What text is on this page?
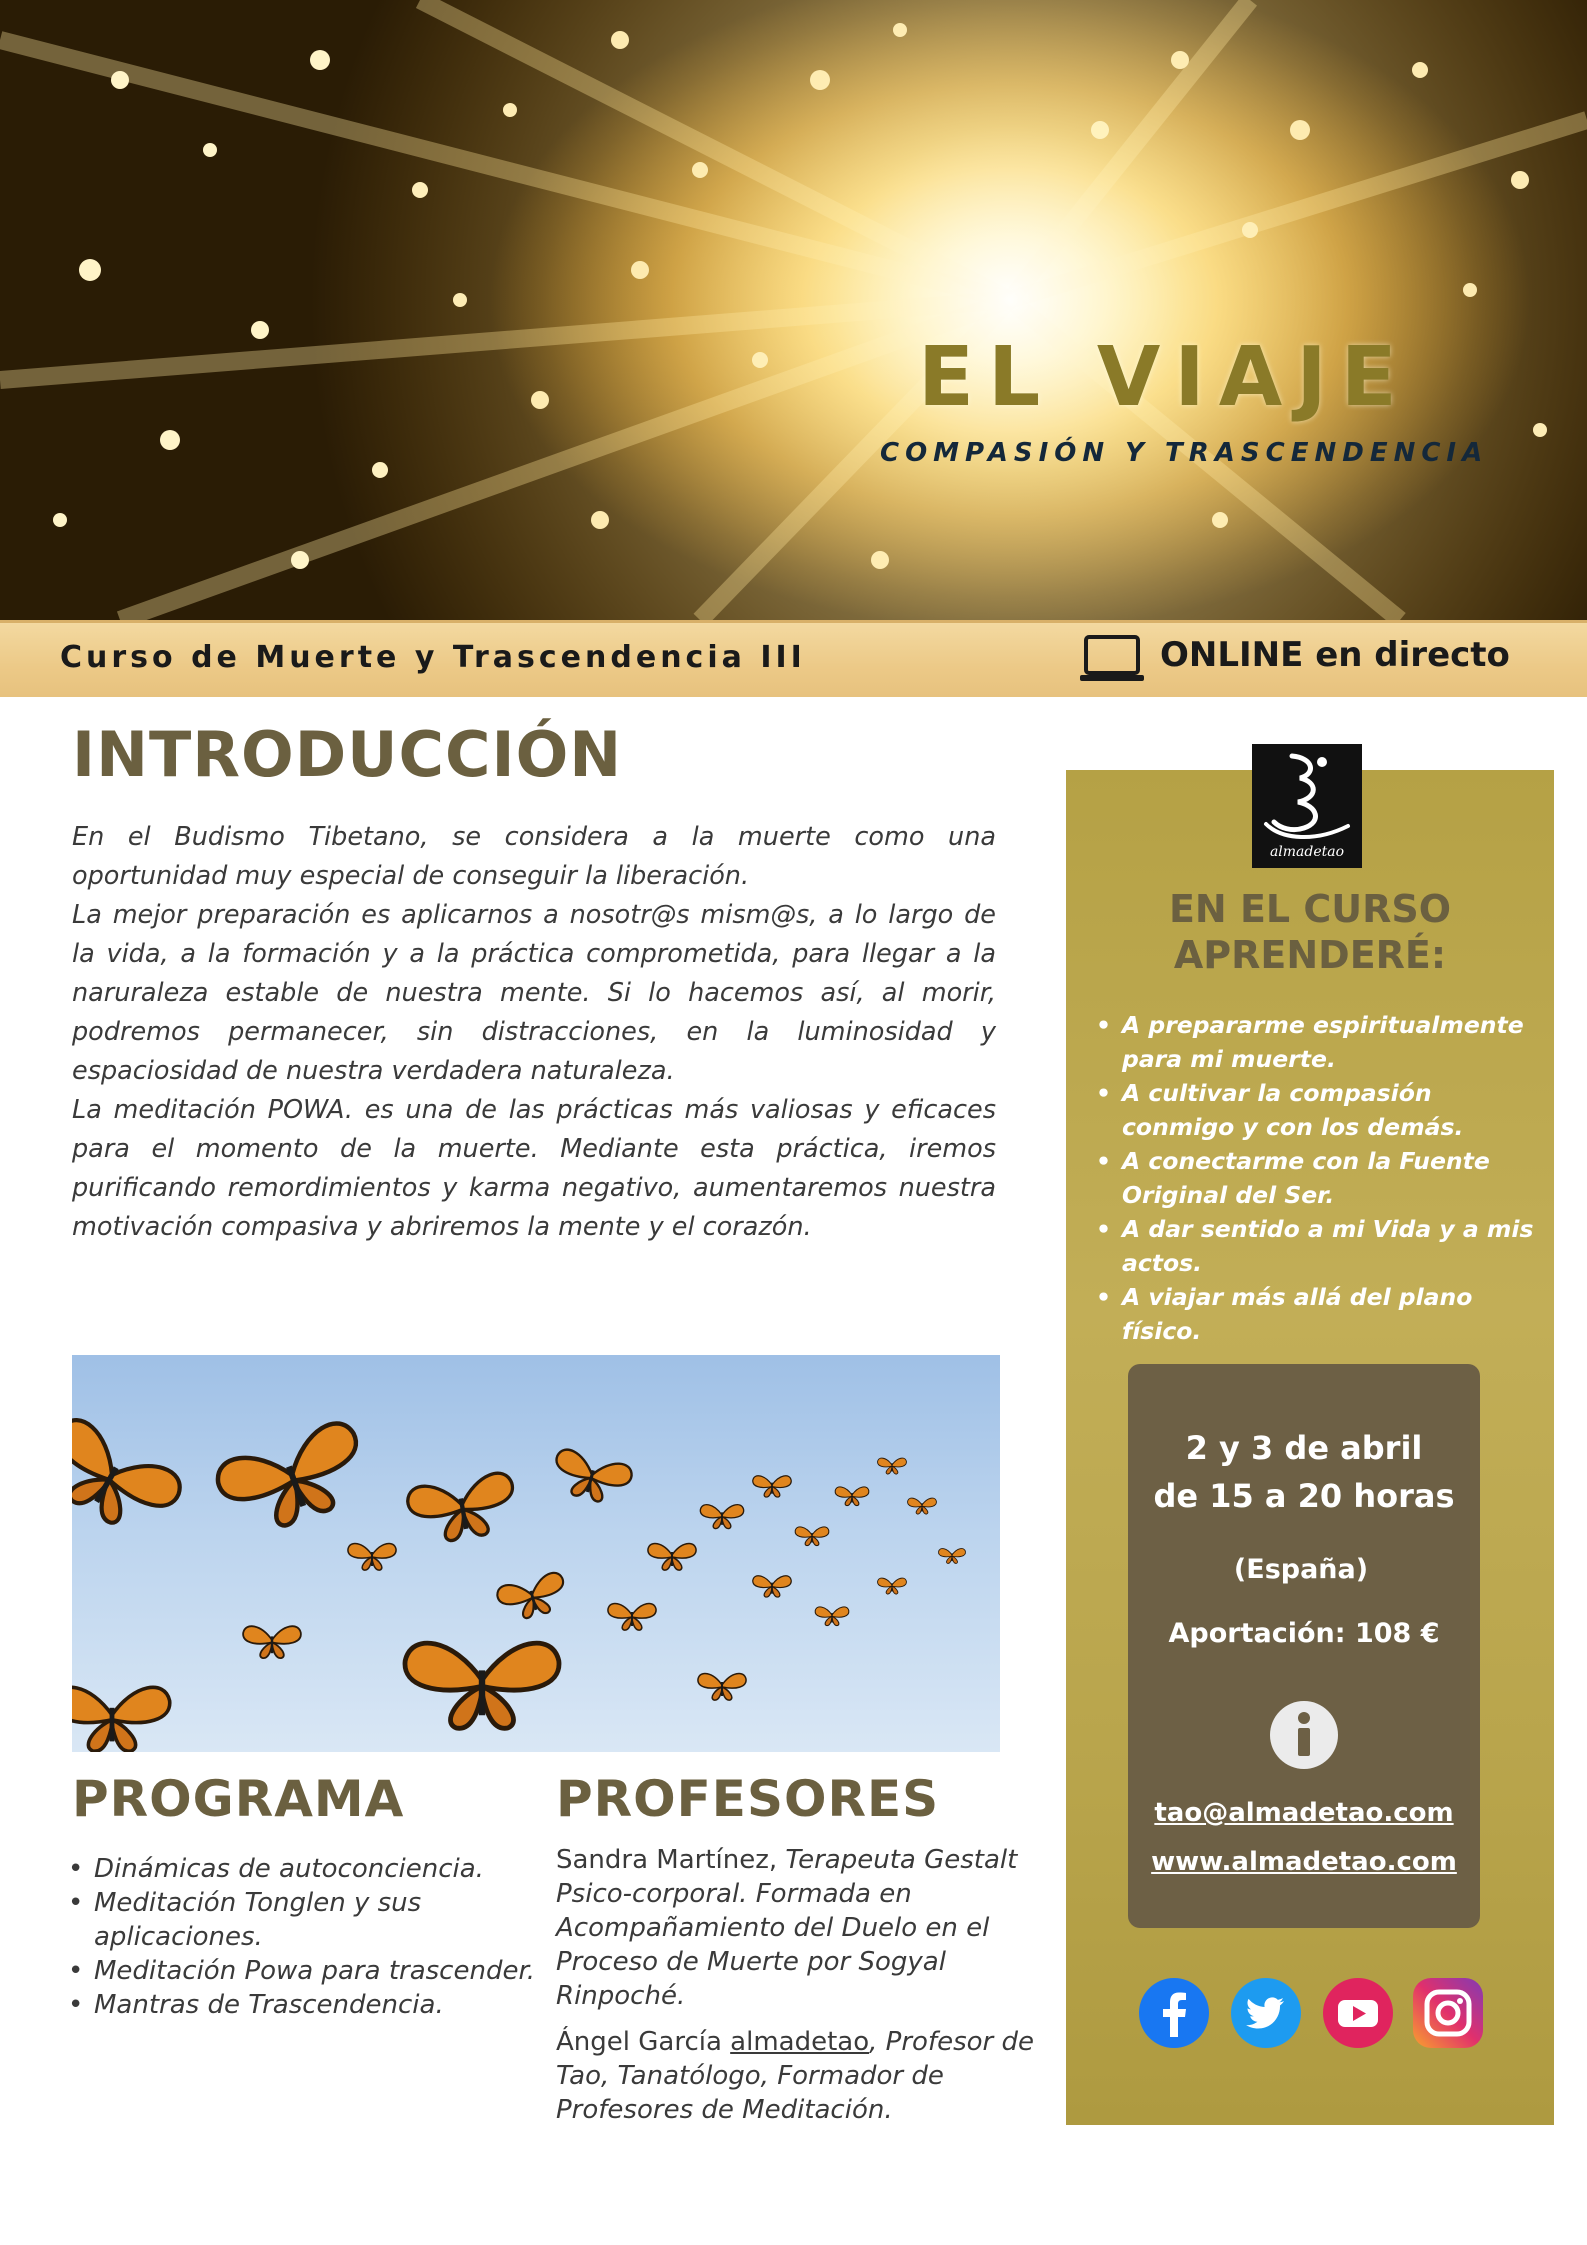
EL VIAJE
COMPASIÓN Y TRASCENDENCIA
Curso de Muerte y Trascendencia III	ONLINE en directo
INTRODUCCIÓN

En el Budismo Tibetano, se considera a la muerte como una oportunidad muy especial de conseguir la liberación.

La mejor preparación es aplicarnos a nosotr@s mism@s, a lo largo de la vida, a la formación y a la práctica comprometida, para llegar a la naruraleza estable de nuestra mente. Si lo hacemos así, al morir, podremos permanecer, sin distracciones, en la luminosidad y espaciosidad de nuestra verdadera naturaleza.

La meditación POWA. es una de las prácticas más valiosas y eficaces para el momento de la muerte. Mediante esta práctica, iremos purificando remordimientos y karma negativo, aumentaremos nuestra motivación compasiva y abriremos la mente y el corazón.

PROGRAMA
• Dinámicas de autoconciencia.
• Meditación Tonglen y sus aplicaciones.
• Meditación Powa para trascender.
• Mantras de Trascendencia.
PROFESORES

Sandra Martínez, Terapeuta Gestalt Psico-corporal. Formada en Acompañamiento del Duelo en el Proceso de Muerte por Sogyal Rinpoché.

Ángel García almadetao, Profesor de Tao, Tanatólogo, Formador de Profesores de Meditación.

almadetao
EN EL CURSO
APRENDERÉ:
• A prepararme espiritualmente para mi muerte.
• A cultivar la compasión conmigo y con los demás.
• A conectarme con la Fuente Original del Ser.
• A dar sentido a mi Vida y a mis actos.
• A viajar más allá del plano físico.
2 y 3 de abril
de 15 a 20 horas
(España)
Aportación: 108 €
tao@almadetao.com
www.almadetao.com
